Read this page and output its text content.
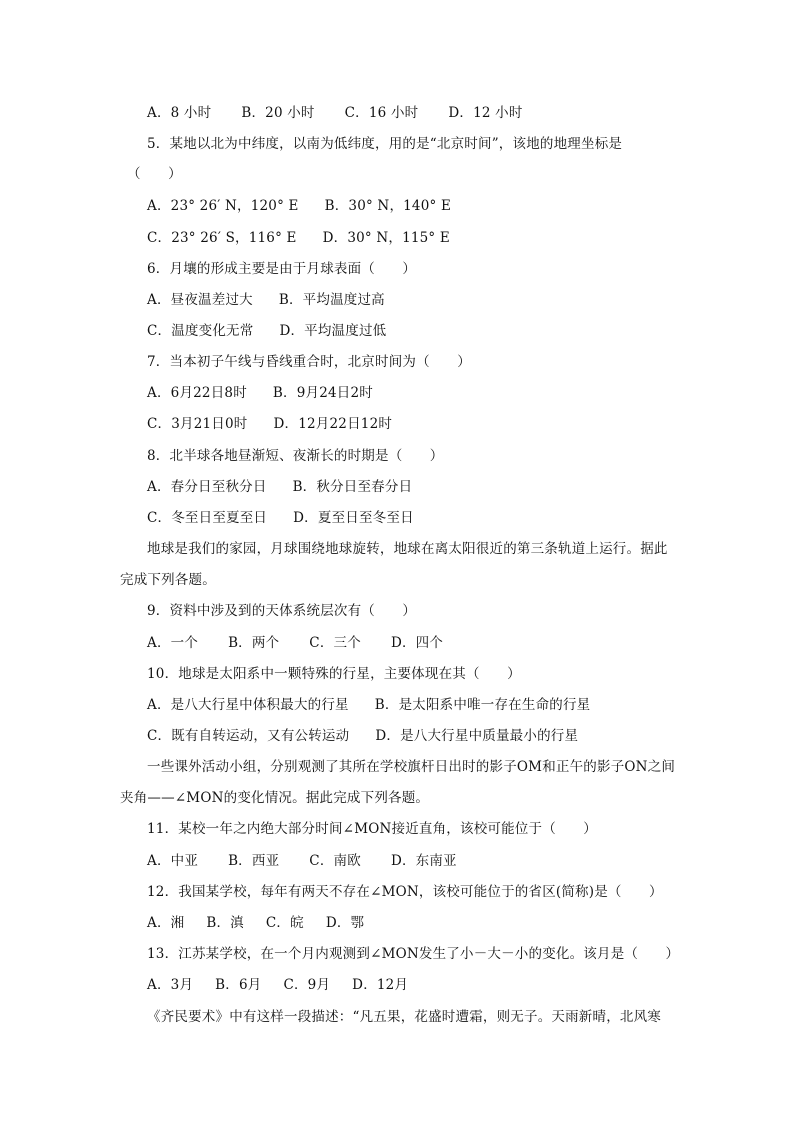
A．8 小时 B．20 小时 C．16 小时 D．12 小时
5．某地以北为中纬度，以南为低纬度，用的是“北京时间”，该地的地理坐标是
（　　）
A．23° 26′ N，120° E B．30° N，140° E
C．23° 26′ S，116° E D．30° N，115° E
6．月壤的形成主要是由于月球表面（　　）
A．昼夜温差过大 B．平均温度过高
C．温度变化无常 D．平均温度过低
7．当本初子午线与昏线重合时，北京时间为（　　）
A．6月22日8时 B．9月24日2时
C．3月21日0时 D．12月22日12时
8．北半球各地昼渐短、夜渐长的时期是（　　）
A．春分日至秋分日 B．秋分日至春分日
C．冬至日至夏至日 D．夏至日至冬至日
地球是我们的家园，月球围绕地球旋转，地球在离太阳很近的第三条轨道上运行。据此
完成下列各题。
9．资料中涉及到的天体系统层次有（　　）
A．一个 B．两个 C．三个 D．四个
10．地球是太阳系中一颗特殊的行星，主要体现在其（　　）
A．是八大行星中体积最大的行星 B．是太阳系中唯一存在生命的行星
C．既有自转运动，又有公转运动 D．是八大行星中质量最小的行星
一些课外活动小组，分别观测了其所在学校旗杆日出时的影子OM和正午的影子ON之间
夹角——∠MON的变化情况。据此完成下列各题。
11．某校一年之内绝大部分时间∠MON接近直角，该校可能位于（　　）
A．中亚 B．西亚 C．南欧 D．东南亚
12．我国某学校，每年有两天不存在∠MON，该校可能位于的省区(简称)是（　　）
A．湘 B．滇 C．皖 D．鄂
13．江苏某学校，在一个月内观测到∠MON发生了小－大－小的变化。该月是（　　）
A．3月 B．6月 C．9月 D．12月
《齐民要术》中有这样一段描述：“凡五果，花盛时遭霜，则无子。天雨新晴，北风寒
